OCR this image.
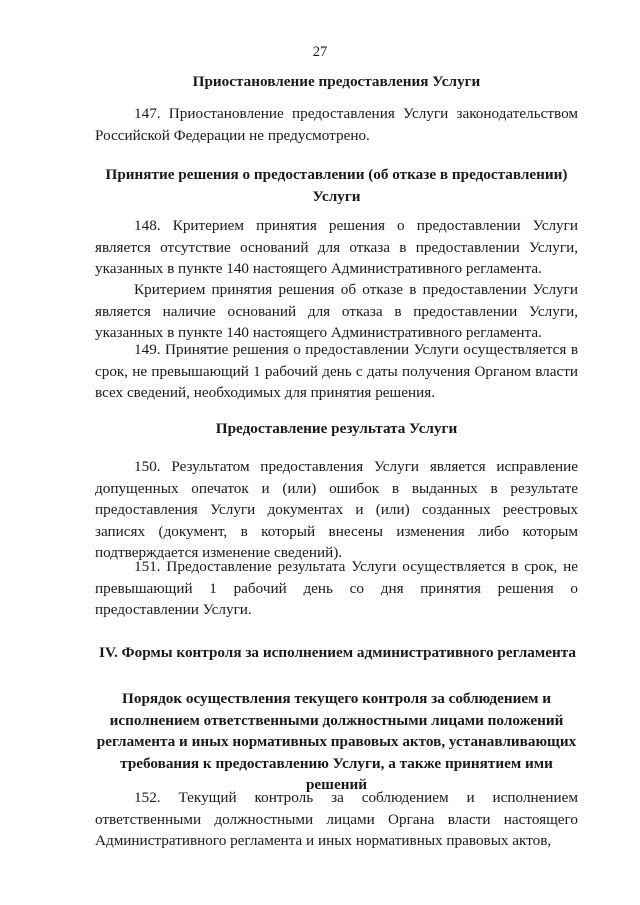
27
Приостановление предоставления Услуги
147. Приостановление предоставления Услуги законодательством Российской Федерации не предусмотрено.
Принятие решения о предоставлении (об отказе в предоставлении) Услуги
148. Критерием принятия решения о предоставлении Услуги является отсутствие оснований для отказа в предоставлении Услуги, указанных в пункте 140 настоящего Административного регламента.
Критерием принятия решения об отказе в предоставлении Услуги является наличие оснований для отказа в предоставлении Услуги, указанных в пункте 140 настоящего Административного регламента.
149. Принятие решения о предоставлении Услуги осуществляется в срок, не превышающий 1 рабочий день с даты получения Органом власти всех сведений, необходимых для принятия решения.
Предоставление результата Услуги
150. Результатом предоставления Услуги является исправление допущенных опечаток и (или) ошибок в выданных в результате предоставления Услуги документах и (или) созданных реестровых записях (документ, в который внесены изменения либо которым подтверждается изменение сведений).
151. Предоставление результата Услуги осуществляется в срок, не превышающий 1 рабочий день со дня принятия решения о предоставлении Услуги.
IV. Формы контроля за исполнением административного регламента
Порядок осуществления текущего контроля за соблюдением и исполнением ответственными должностными лицами положений регламента и иных нормативных правовых актов, устанавливающих требования к предоставлению Услуги, а также принятием ими решений
152. Текущий контроль за соблюдением и исполнением ответственными должностными лицами Органа власти настоящего Административного регламента и иных нормативных правовых актов,
